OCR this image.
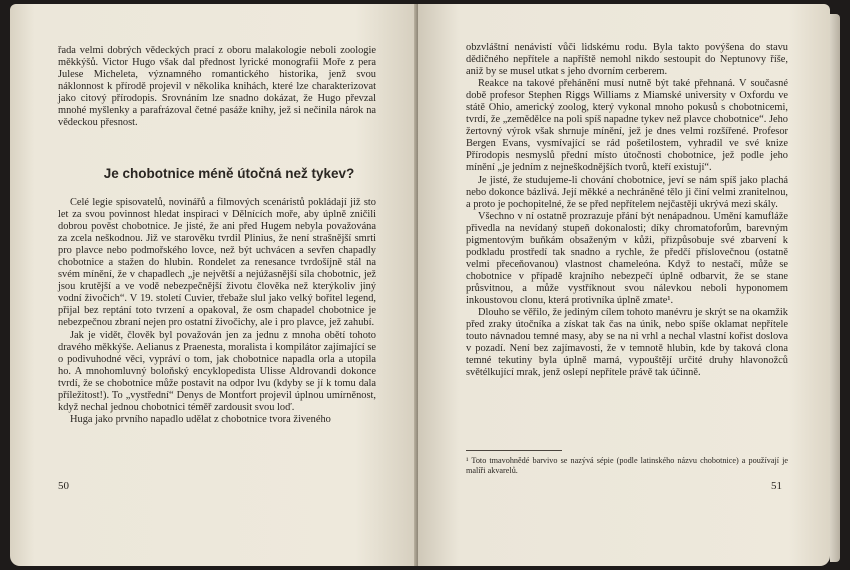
řada velmi dobrých vědeckých prací z oboru malakologie neboli zoologie měkkýšů. Victor Hugo však dal přednost lyrické monografii Moře z pera Julese Micheleta, významného romantického historika, jenž svou náklonnost k přírodě projevil v několika knihách, které lze charakterizovat jako citový přírodopis. Srovnáním lze snadno dokázat, že Hugo převzal mnohé myšlenky a parafrázoval četné pasáže knihy, jež si nečinila nárok na vědeckou přesnost.

Je chobotnice méně útočná než tykev?

Celé legie spisovatelů, novinářů a filmových scenáristů pokládají již sto let za svou povinnost hledat inspiraci v Dělnících moře, aby úplně zničili dobrou pověst chobotnice. Je jisté, že ani před Hugem nebyla považována za zcela neškodnou. Již ve starověku tvrdil Plinius, že není strašnější smrti pro plavce nebo podmořského lovce, než být uchvácen a sevřen chapadly chobotnice a stažen do hlubin. Rondelet za renesance tvrdošíjně stál na svém mínění, že v chapadlech „je největší a nejúžasnější síla chobotnic, jež jsou krutější a ve vodě nebezpečnější životu člověka než kterýkoliv jiný vodní živočich“. V 19. století Cuvier, třebaže slul jako velký bořitel legend, přijal bez reptání toto tvrzení a opakoval, že osm chapadel chobotnice je nebezpečnou zbraní nejen pro ostatní živočichy, ale i pro plavce, jež zahubí.

Jak je vidět, člověk byl považován jen za jednu z mnoha obětí tohoto dravého měkkýše. Aelianus z Praenesta, moralista i kompilátor zajímající se o podivuhodné věci, vypráví o tom, jak chobotnice napadla orla a utopila ho. A mnohomluvný boloňský encyklopedista Ulisse Aldrovandi dokonce tvrdí, že se chobotnice může postavit na odpor lvu (kdyby se jí k tomu dala příležitost!). To „vystřední“ Denys de Montfort projevil úplnou umírněnost, když nechal jednou chobotnici téměř zardousit svou loď.

Huga jako prvního napadlo udělat z chobotnice tvora živeného

50

obzvláštní nenávistí vůči lidskému rodu. Byla takto povýšena do stavu dědičného nepřítele a napříště nemohl nikdo sestoupit do Neptunovy říše, aniž by se musel utkat s jeho dvorním cerberem.

Reakce na takové přehánění musí nutně být také přehnaná. V současné době profesor Stephen Riggs Williams z Miamské university v Oxfordu ve státě Ohio, americký zoolog, který vykonal mnoho pokusů s chobotnicemi, tvrdí, že „zemědělce na poli spíš napadne tykev než plavce chobotnice“. Jeho žertovný výrok však shrnuje mínění, jež je dnes velmi rozšířené. Profesor Bergen Evans, vysmívající se rád pošetilostem, vyhradil ve své knize Přírodopis nesmyslů přední místo útočnosti chobotnice, jež podle jeho mínění „je jedním z nejneškodnějších tvorů, kteří existují“.

Je jisté, že studujeme-li chování chobotnice, jeví se nám spíš jako plachá nebo dokonce bázlivá. Její měkké a nechráněné tělo ji činí velmi zranitelnou, a proto je pochopitelné, že se před nepřítelem nejčastěji ukrývá mezi skály.

Všechno v ní ostatně prozrazuje přání být nenápadnou. Umění kamufláže přivedla na nevídaný stupeň dokonalosti; díky chromatoforům, barevným pigmentovým buňkám obsaženým v kůži, přizpůsobuje své zbarvení k podkladu prostředí tak snadno a rychle, že předčí příslovečnou (ostatně velmi přeceňovanou) vlastnost chameleóna. Když to nestačí, může se chobotnice v případě krajního nebezpečí úplně odbarvit, že se stane průsvitnou, a může vystříknout svou nálevkou neboli hyponomem inkoustovou clonu, která protivníka úplně zmate¹.

Dlouho se věřilo, že jediným cílem tohoto manévru je skrýt se na okamžik před zraky útočníka a získat tak čas na únik, nebo spíše oklamat nepřítele touto návnadou temné masy, aby se na ni vrhl a nechal vlastní kořist doslova v pozadí. Není bez zajímavosti, že v temnotě hlubin, kde by taková clona temné tekutiny byla úplně marná, vypouštějí určité druhy hlavonožců světélkující mrak, jenž oslepí nepřítele právě tak účinně.

¹ Toto tmavohnědé barvivo se nazývá sépie (podle latinského názvu chobotnice) a používají je malíři akvarelů.
51
